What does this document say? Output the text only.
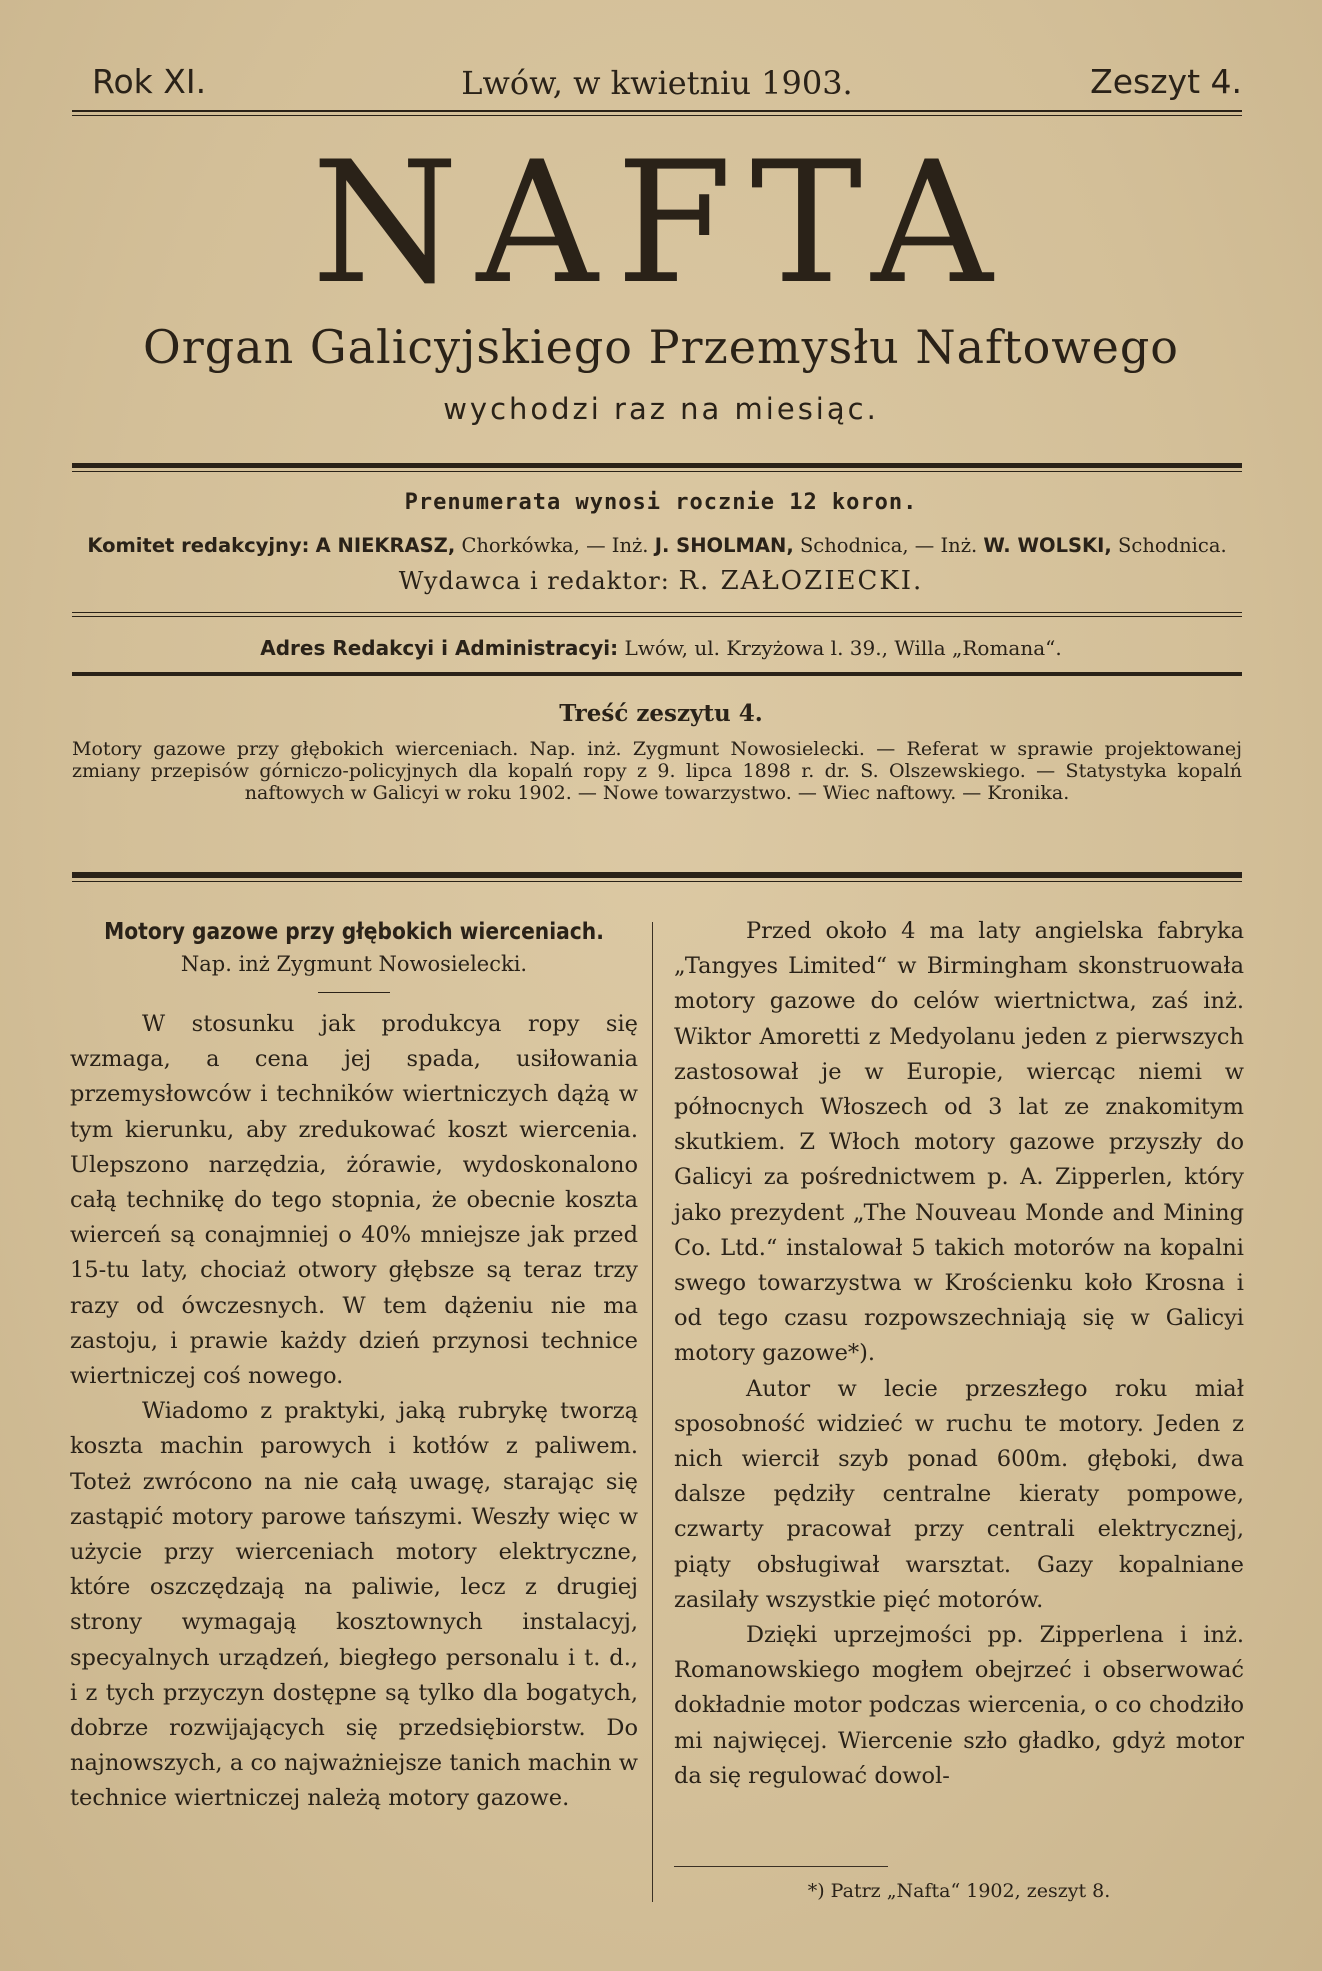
Rok XI.	Lwów, w kwietniu 1903.	Zeszyt 4.
NAFTA
Organ Galicyjskiego Przemysłu Naftowego
wychodzi raz na miesiąc.
Prenumerata wynosi rocznie 12 koron.
Komitet redakcyjny: A NIEKRASZ, Chorkówka, — Inż. J. SHOLMAN, Schodnica, — Inż. W. WOLSKI, Schodnica.
Wydawca i redaktor: R. ZAŁOZIECKI.
Adres Redakcyi i Administracyi: Lwów, ul. Krzyżowa l. 39., Willa „Romana“.
Treść zeszytu 4.
Motory gazowe przy głębokich wierceniach. Nap. inż. Zygmunt Nowosielecki. — Referat w sprawie projektowanej zmiany przepisów górniczo-policyjnych dla kopalń ropy z 9. lipca 1898 r. dr. S. Olszewskiego. — Statystyka kopalń naftowych w Galicyi w roku 1902. — Nowe towarzystwo. — Wiec naftowy. — Kronika.
Motory gazowe przy głębokich wierceniach.
Nap. inż Zygmunt Nowosielecki.

W stosunku jak produkcya ropy się wzmaga, a cena jej spada, usiłowania przemysłowców i techników wiertniczych dążą w tym kierunku, aby zredukować koszt wiercenia. Ulepszono narzędzia, żórawie, wydoskonalono całą technikę do tego stopnia, że obecnie koszta wierceń są conajmniej o 40% mniejsze jak przed 15-tu laty, chociaż otwory głębsze są teraz trzy razy od ówczesnych. W tem dążeniu nie ma zastoju, i prawie każdy dzień przynosi technice wiertniczej coś nowego.

Wiadomo z praktyki, jaką rubrykę tworzą koszta machin parowych i kotłów z paliwem. Toteż zwrócono na nie całą uwagę, starając się zastąpić motory parowe tańszymi. Weszły więc w użycie przy wierceniach motory elektryczne, które oszczędzają na paliwie, lecz z drugiej strony wymagają kosztownych instalacyj, specyalnych urządzeń, biegłego personalu i t. d., i z tych przyczyn dostępne są tylko dla bogatych, dobrze rozwijających się przedsiębiorstw. Do najnowszych, a co najważniejsze tanich machin w technice wiertniczej należą motory gazowe.

Przed około 4 ma laty angielska fabryka „Tangyes Limited“ w Birmingham skonstruowała motory gazowe do celów wiertnictwa, zaś inż. Wiktor Amoretti z Medyolanu jeden z pierwszych zastosował je w Europie, wiercąc niemi w północnych Włoszech od 3 lat ze znakomitym skutkiem. Z Włoch motory gazowe przyszły do Galicyi za pośrednictwem p. A. Zipperlen, który jako prezydent „The Nouveau Monde and Mining Co. Ltd.“ instalował 5 takich motorów na kopalni swego towarzystwa w Krościenku koło Krosna i od tego czasu rozpowszechniają się w Galicyi motory gazowe*).

Autor w lecie przeszłego roku miał sposobność widzieć w ruchu te motory. Jeden z nich wiercił szyb ponad 600m. głęboki, dwa dalsze pędziły centralne kieraty pompowe, czwarty pracował przy centrali elektrycznej, piąty obsługiwał warsztat. Gazy kopalniane zasilały wszystkie pięć motorów.

Dzięki uprzejmości pp. Zipperlena i inż. Romanowskiego mogłem obejrzeć i obserwować dokładnie motor podczas wiercenia, o co chodziło mi najwięcej. Wiercenie szło gładko, gdyż motor da się regulować dowol-

*) Patrz „Nafta“ 1902, zeszyt 8.
